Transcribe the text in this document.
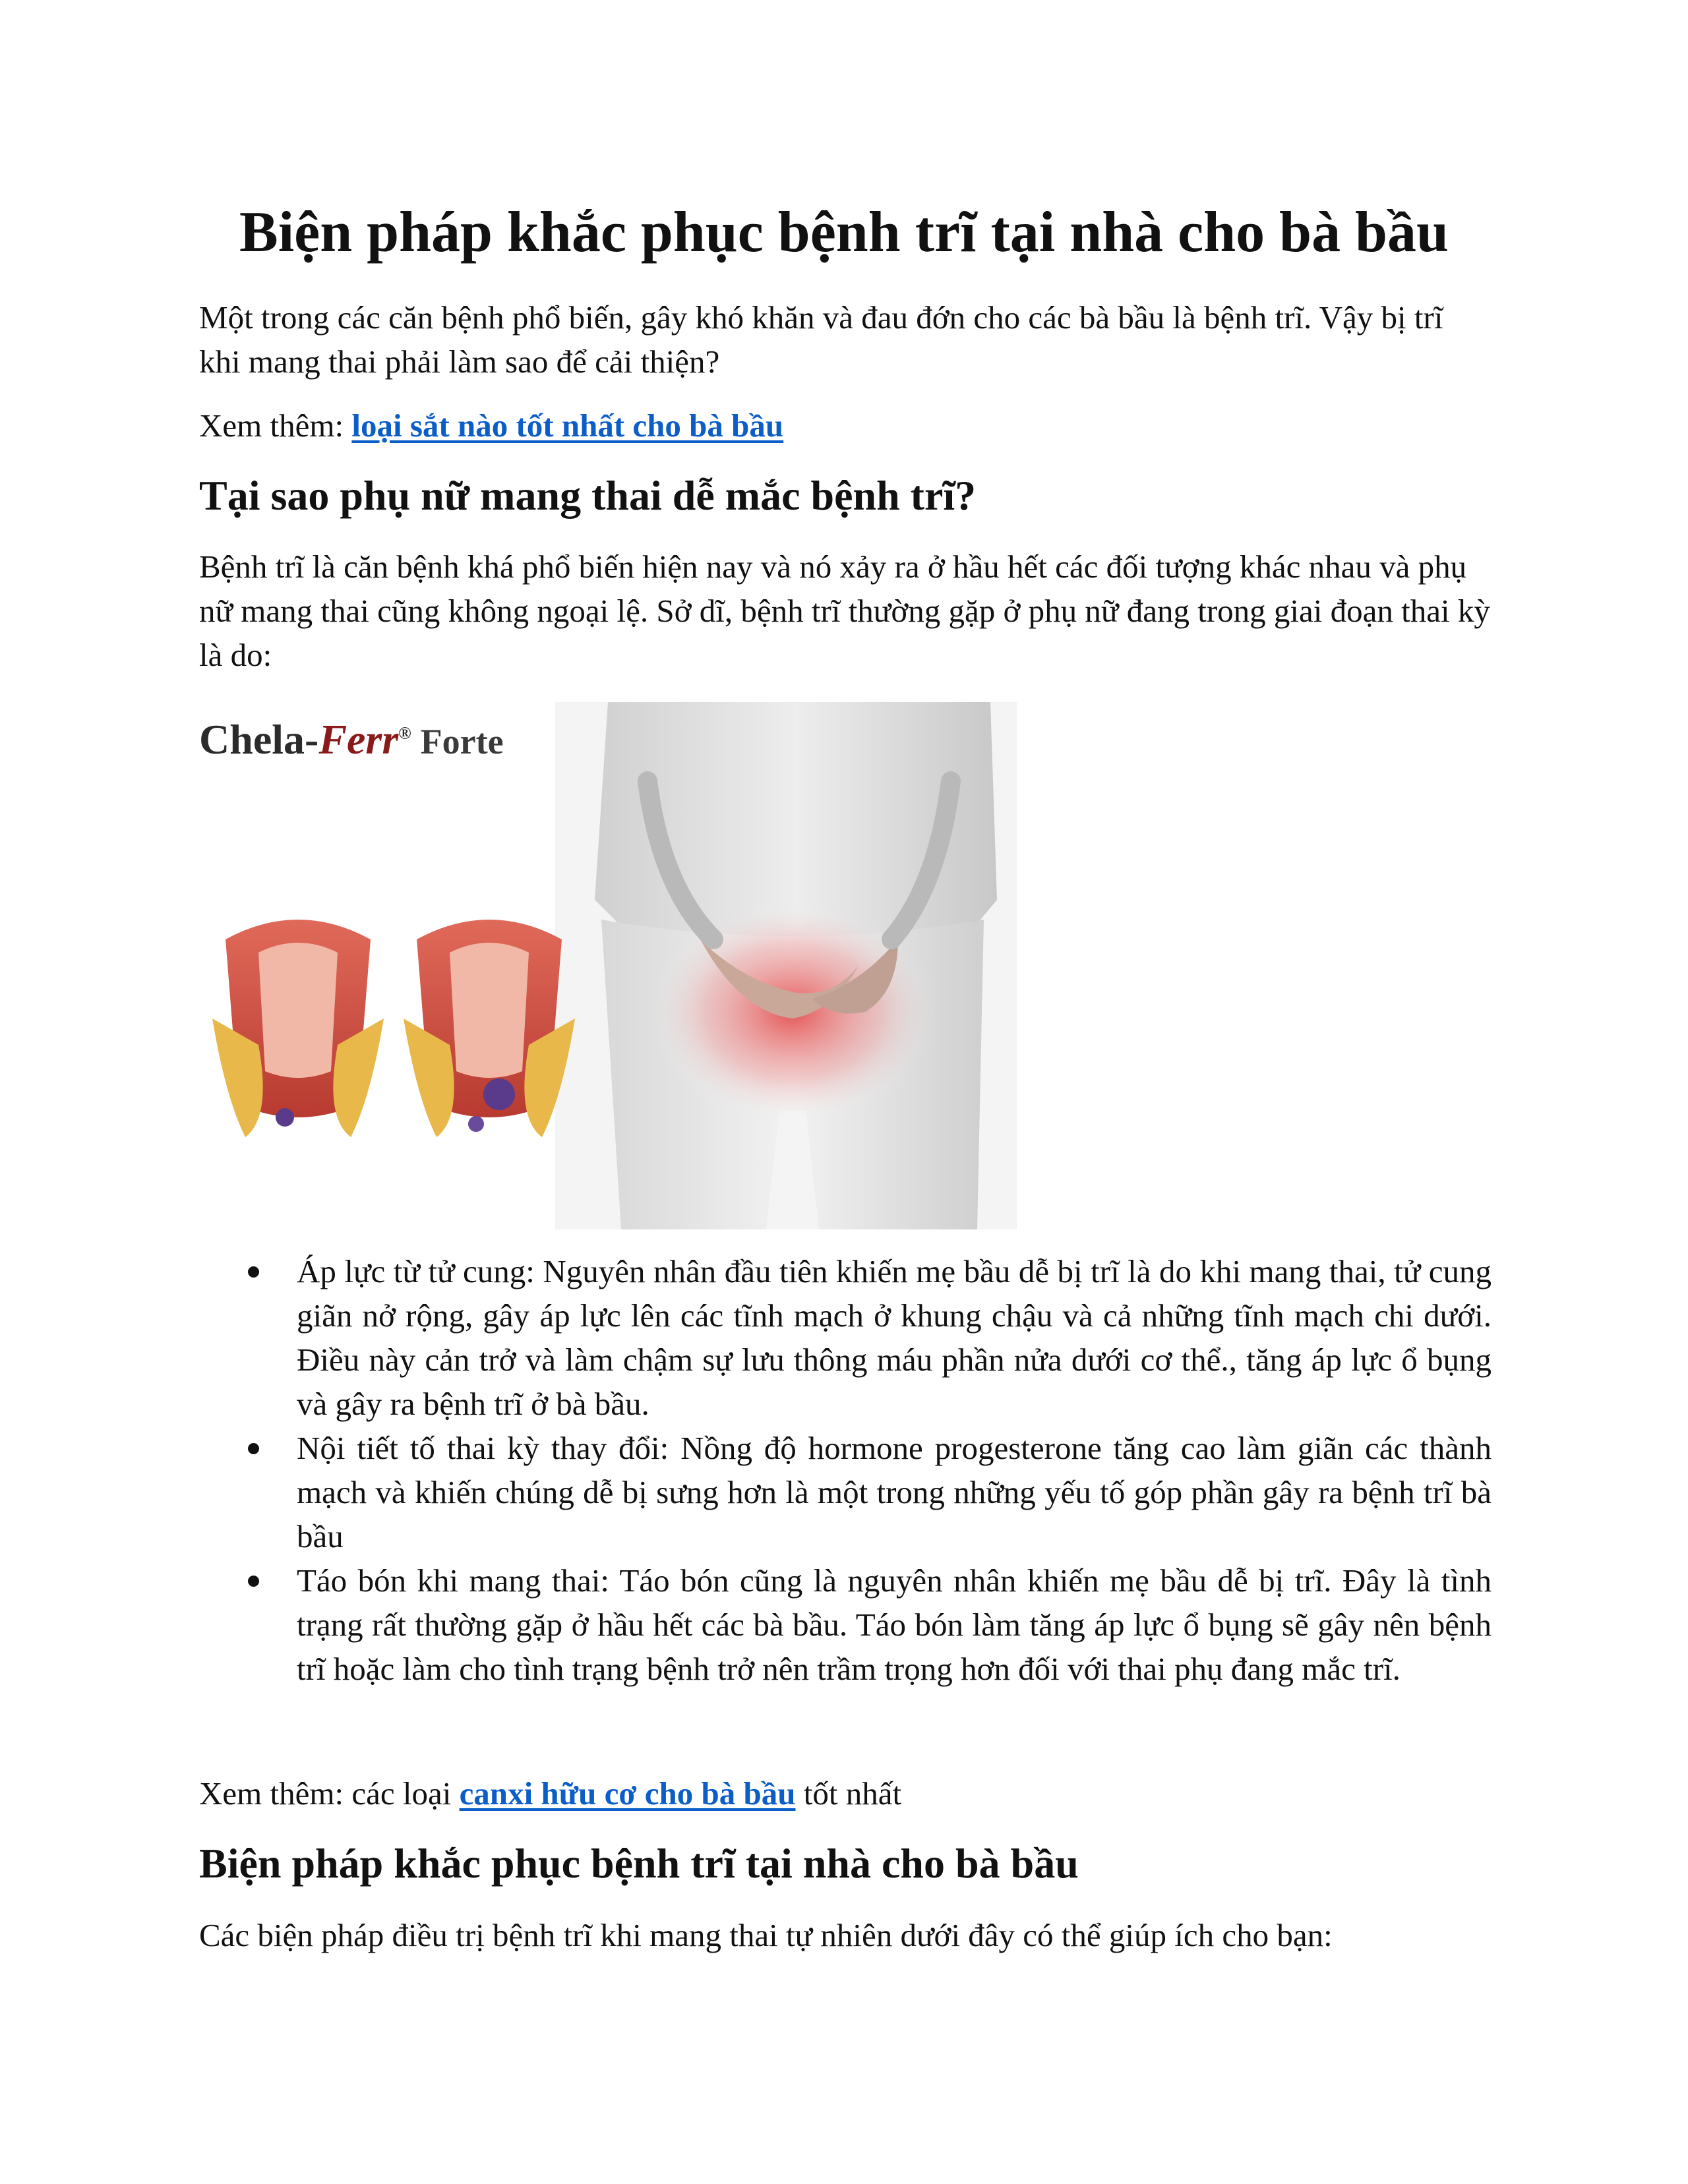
Biện pháp khắc phục bệnh trĩ tại nhà cho bà bầu

Một trong các căn bệnh phổ biến, gây khó khăn và đau đớn cho các bà bầu là bệnh trĩ. Vậy bị trĩ khi mang thai phải làm sao để cải thiện?

Xem thêm: loại sắt nào tốt nhất cho bà bầu

Tại sao phụ nữ mang thai dễ mắc bệnh trĩ?

Bệnh trĩ là căn bệnh khá phổ biến hiện nay và nó xảy ra ở hầu hết các đối tượng khác nhau và phụ nữ mang thai cũng không ngoại lệ. Sở dĩ, bệnh trĩ thường gặp ở phụ nữ đang trong giai đoạn thai kỳ là do:

Chela-Ferr® Forte
Áp lực từ tử cung: Nguyên nhân đầu tiên khiến mẹ bầu dễ bị trĩ là do khi mang thai, tử cung giãn nở rộng, gây áp lực lên các tĩnh mạch ở khung chậu và cả những tĩnh mạch chi dưới. Điều này cản trở và làm chậm sự lưu thông máu phần nửa dưới cơ thể., tăng áp lực ổ bụng và gây ra bệnh trĩ ở bà bầu.
Nội tiết tố thai kỳ thay đổi: Nồng độ hormone progesterone tăng cao làm giãn các thành mạch và khiến chúng dễ bị sưng hơn là một trong những yếu tố góp phần gây ra bệnh trĩ bà bầu
Táo bón khi mang thai: Táo bón cũng là nguyên nhân khiến mẹ bầu dễ bị trĩ. Đây là tình trạng rất thường gặp ở hầu hết các bà bầu. Táo bón làm tăng áp lực ổ bụng sẽ gây nên bệnh trĩ hoặc làm cho tình trạng bệnh trở nên trầm trọng hơn đối với thai phụ đang mắc trĩ.

Xem thêm: các loại canxi hữu cơ cho bà bầu tốt nhất

Biện pháp khắc phục bệnh trĩ tại nhà cho bà bầu

Các biện pháp điều trị bệnh trĩ khi mang thai tự nhiên dưới đây có thể giúp ích cho bạn:
